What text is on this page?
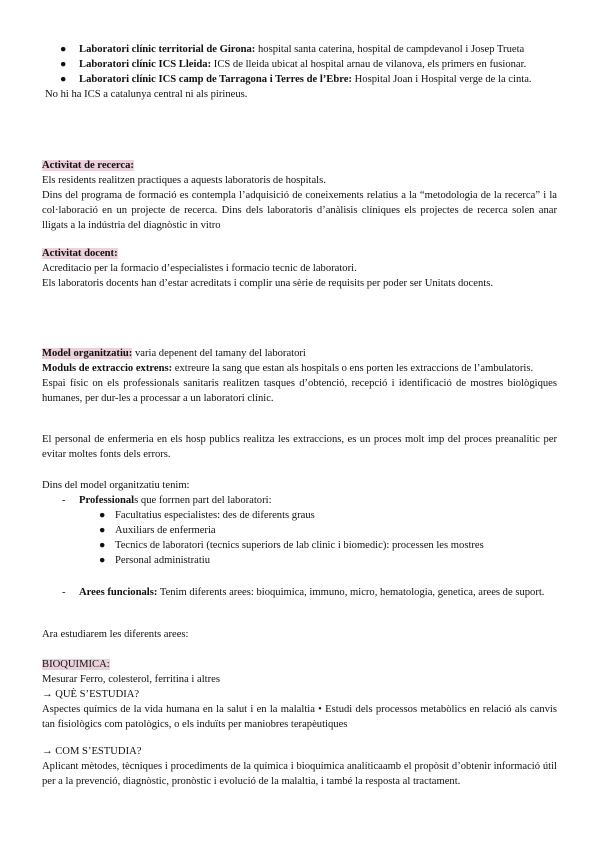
● Laboratori clínic territorial de Girona: hospital santa caterina, hospital de campdevanol i Josep Trueta
● Laboratori clínic ICS Lleida: ICS de lleida ubicat al hospital arnau de vilanova, els primers en fusionar.
● Laboratori clínic ICS camp de Tarragona i Terres de l’Ebre: Hospital Joan i Hospital verge de la cinta.

No hi ha ICS a catalunya central ni als pirineus.

Activitat de recerca:

Els residents realitzen practiques a aquests laboratoris de hospitals.

Dins del programa de formació es contempla l’adquisició de coneixements relatius a la “metodologia de la recerca” i la col·laboració en un projecte de recerca. Dins dels laboratoris d’anàlisis clíniques els projectes de recerca solen anar lligats a la indústria del diagnòstic in vitro

Activitat docent:

Acreditacio per la formacio d’especialistes i formacio tecnic de laboratori.

Els laboratoris docents han d’estar acreditats i complir una sèrie de requisits per poder ser Unitats docents.

Model organitzatiu: varia depenent del tamany del laboratori

Moduls de extraccio extrens: extreure la sang que estan als hospitals o ens porten les extraccions de l’ambulatoris.

Espai físic on els professionals sanitaris realitzen tasques d’obtenció, recepció i identificació de mostres biològiques humanes, per dur-les a processar a un laboratori clínic.

El personal de enfermeria en els hosp publics realitza les extraccions, es un proces molt imp del proces preanalític per evitar moltes fonts dels errors.

Dins del model organitzatiu tenim:

- Professionals que forrnen part del laboratori:
● Facultatius especialistes: des de diferents graus
● Auxiliars de enfermeria
● Tecnics de laboratori (tecnics superiors de lab clinic i biomedic): processen les mostres
● Personal administratiu
- Arees funcionals: Tenim diferents arees: bioquimica, immuno, micro, hematologia, genetica, arees de suport.

Ara estudiarem les diferents arees:

BIOQUIMICA:

Mesurar Ferro, colesterol, ferritina i altres

→ QUÈ S’ESTUDIA?

Aspectes químics de la vida humana en la salut i en la malaltia • Estudi dels processos metabòlics en relació als canvis tan fisiològics com patològics, o els induïts per maniobres terapèutiques

→ COM S’ESTUDIA?

Aplicant mètodes, tècniques i procediments de la química i bioquímica analíticaamb el propòsit d’obtenir informació útil per a la prevenció, diagnòstic, pronòstic i evolució de la malaltia, i també la resposta al tractament.
